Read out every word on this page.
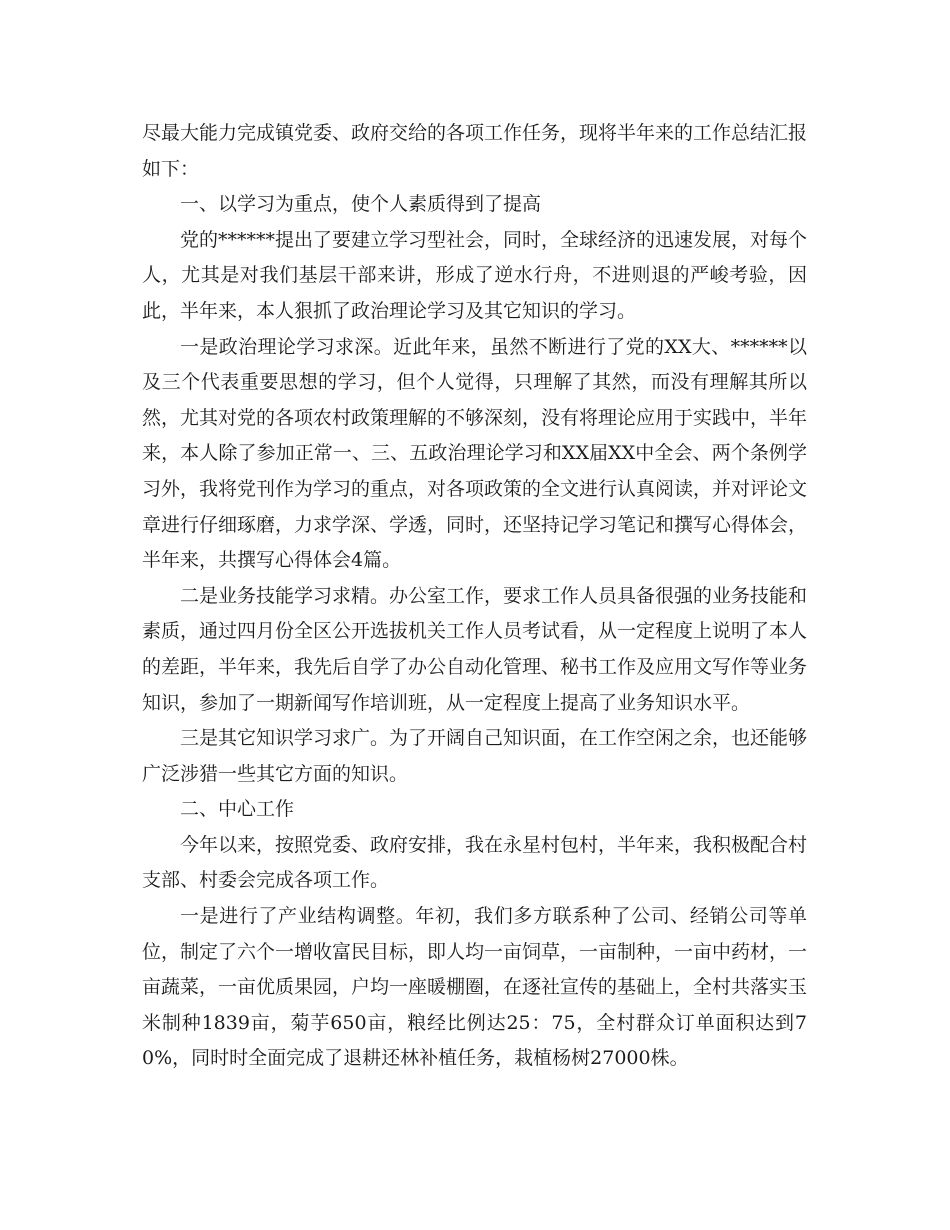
尽最大能力完成镇党委、政府交给的各项工作任务，现将半年来的工作总结汇报如下：

一、以学习为重点，使个人素质得到了提高

党的******提出了要建立学习型社会，同时，全球经济的迅速发展，对每个人，尤其是对我们基层干部来讲，形成了逆水行舟，不进则退的严峻考验，因此，半年来，本人狠抓了政治理论学习及其它知识的学习。

一是政治理论学习求深。近此年来，虽然不断进行了党的XX大、******以及三个代表重要思想的学习，但个人觉得，只理解了其然，而没有理解其所以然，尤其对党的各项农村政策理解的不够深刻，没有将理论应用于实践中，半年来，本人除了参加正常一、三、五政治理论学习和XX届XX中全会、两个条例学习外，我将党刊作为学习的重点，对各项政策的全文进行认真阅读，并对评论文章进行仔细琢磨，力求学深、学透，同时，还坚持记学习笔记和撰写心得体会，半年来，共撰写心得体会4篇。

二是业务技能学习求精。办公室工作，要求工作人员具备很强的业务技能和素质，通过四月份全区公开选拔机关工作人员考试看，从一定程度上说明了本人的差距，半年来，我先后自学了办公自动化管理、秘书工作及应用文写作等业务知识，参加了一期新闻写作培训班，从一定程度上提高了业务知识水平。

三是其它知识学习求广。为了开阔自己知识面，在工作空闲之余，也还能够广泛涉猎一些其它方面的知识。

二、中心工作

今年以来，按照党委、政府安排，我在永星村包村，半年来，我积极配合村支部、村委会完成各项工作。

一是进行了产业结构调整。年初，我们多方联系种了公司、经销公司等单位，制定了六个一增收富民目标，即人均一亩饲草，一亩制种，一亩中药材，一亩蔬菜，一亩优质果园，户均一座暖棚圈，在逐社宣传的基础上，全村共落实玉米制种1839亩，菊芋650亩，粮经比例达25：75，全村群众订单面积达到70%，同时时全面完成了退耕还林补植任务，栽植杨树27000株。
